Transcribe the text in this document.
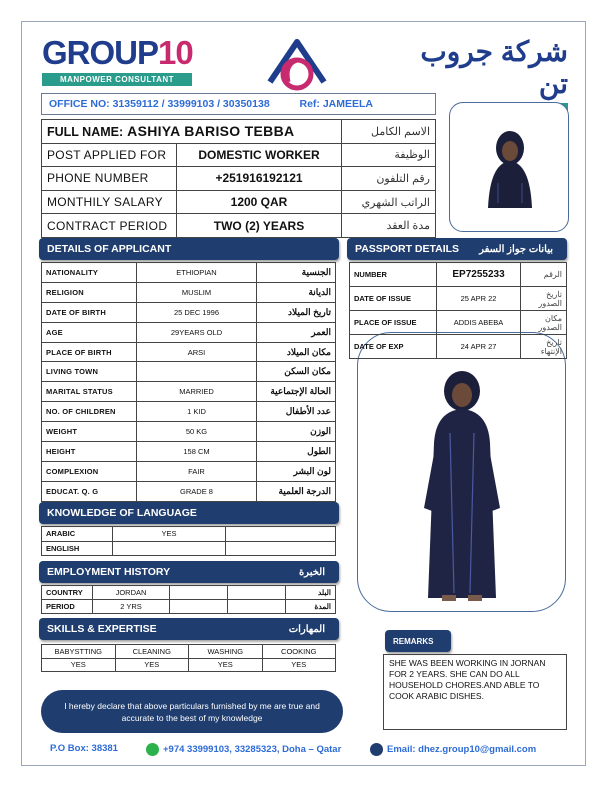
GROUP10
MANPOWER CONSULTANT
شركة جروب تن
OFFICE NO: 31359112 / 33999103 / 30350138	Ref: JAMEELA
FULL NAME: ASHIYA BARISO TEBBA		الاسم الكامل
POST APPLIED FOR	DOMESTIC WORKER	الوظيفة
PHONE NUMBER	+251916192121	رقم التلفون
MONTHILY SALARY	1200 QAR	الراتب الشهري
CONTRACT PERIOD	TWO (2) YEARS	مدة العقد
DETAILS OF APPLICANT	PASSPORT DETAILS بيانات جواز السفر
NATIONALITY	ETHIOPIAN	الجنسية
RELIGION	MUSLIM	الديانة
DATE OF BIRTH	25 DEC 1996	تاريخ الميلاد
AGE	29YEARS OLD	العمر
PLACE OF BIRTH	ARSI	مكان الميلاد
LIVING TOWN		مكان السكن
MARITAL STATUS	MARRIED	الحالة الإجتماعية
NO. OF CHILDREN	1 KID	عدد الأطفال
WEIGHT	50 KG	الوزن
HEIGHT	158 CM	الطول
COMPLEXION	FAIR	لون البشر
EDUCAT. Q. G	GRADE 8	الدرجة العلمية
NUMBER	EP7255233	الرقم
DATE OF ISSUE	25 APR 22	تاريخ الصدور
PLACE OF ISSUE	ADDIS ABEBA	مكان الصدور
DATE OF EXP	24 APR 27	تاريخ الإنتهاء
KNOWLEDGE OF LANGUAGE
ARABIC	YES	
ENGLISH		
EMPLOYMENT HISTORY	الخبرة
COUNTRY	JORDAN			البلد
PERIOD	2 YRS			المدة
SKILLS & EXPERTISE	المهارات
BABYSTTING	CLEANING	WASHING	COOKING
YES	YES	YES	YES
REMARKS
SHE WAS BEEN WORKING IN JORNAN FOR 2 YEARS. SHE CAN DO ALL HOUSEHOLD CHORES.AND ABLE TO COOK ARABIC DISHES.
I hereby declare that above particulars furnished by me are true and accurate to the best of my knowledge
P.O Box: 38381	+974 33999103, 33285323, Doha – Qatar	Email: dhez.group10@gmail.com
